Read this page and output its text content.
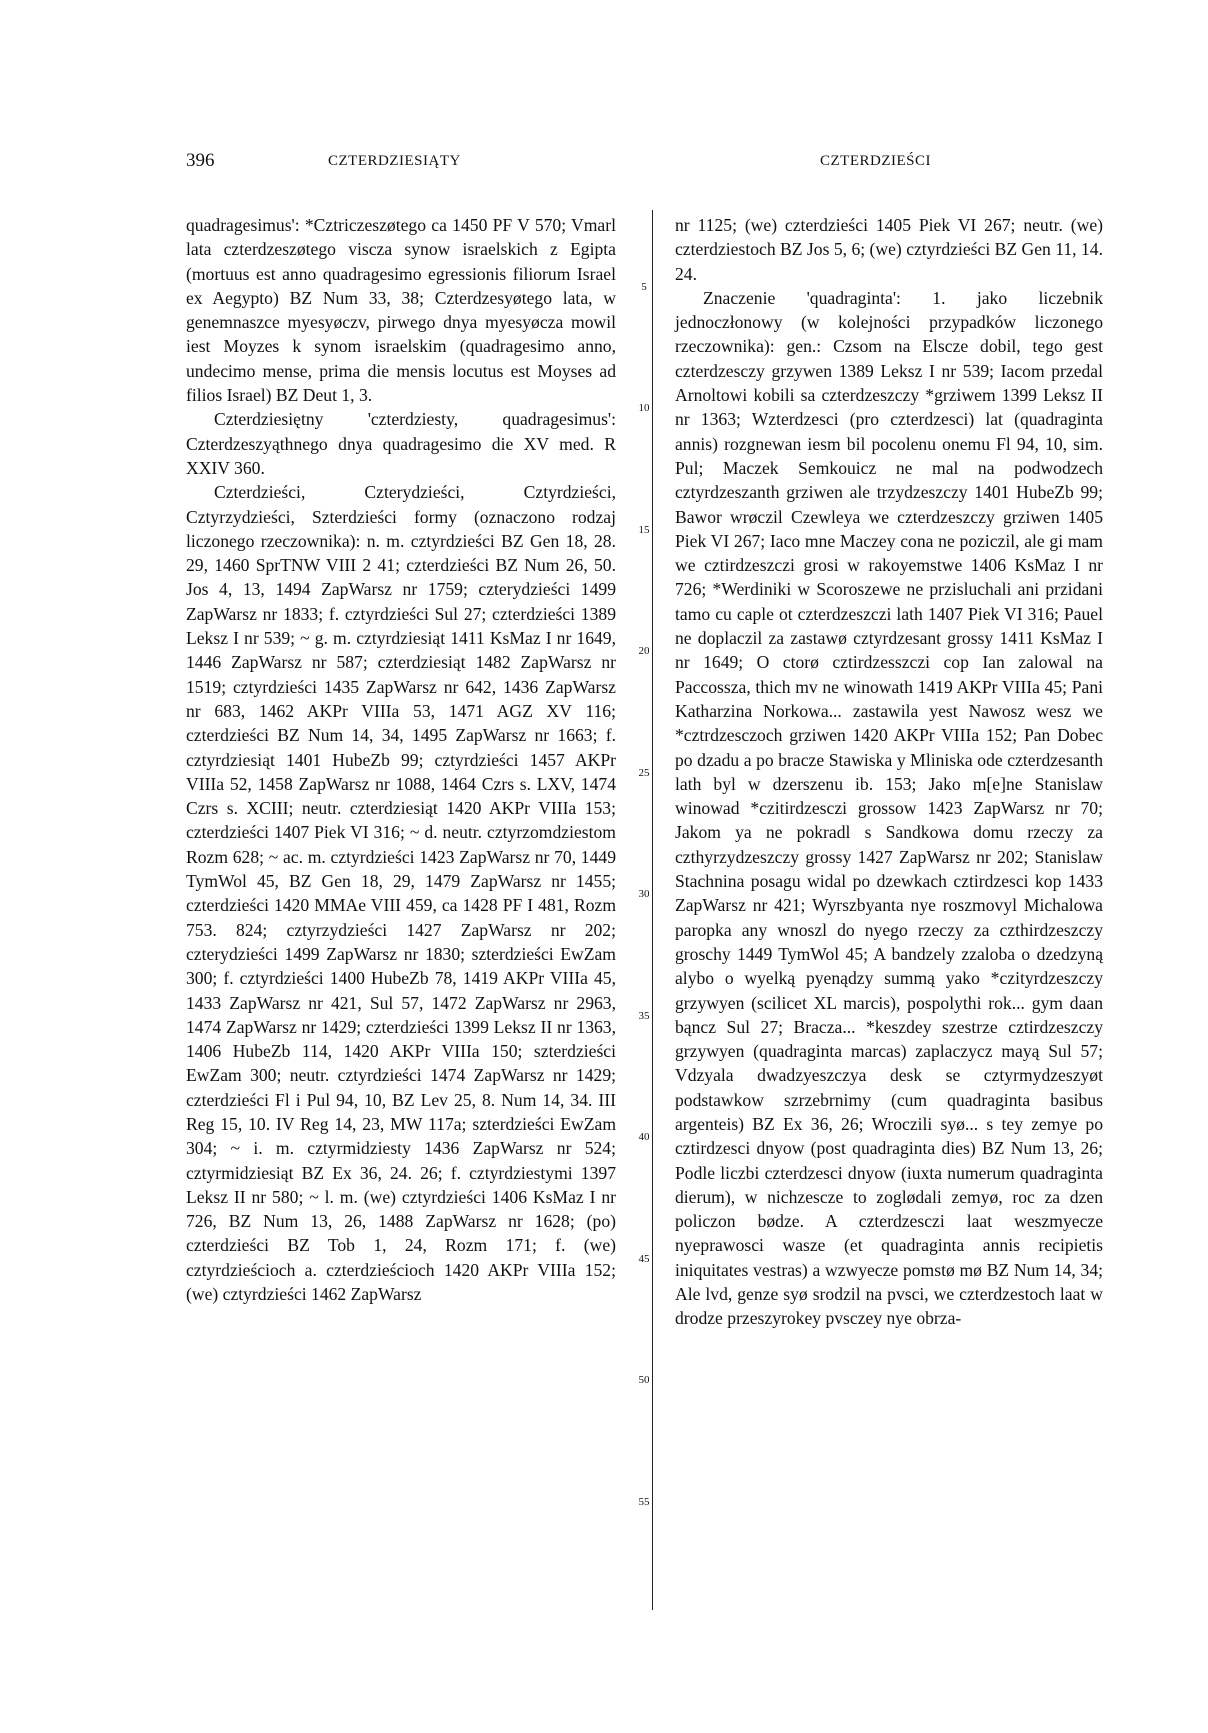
396	CZTERDZIESIĄTY	CZTERDZIEŚCI

quadragesimus': *Cztriczeszøtego ca 1450 PF V 570; Vmarl lata czterdzeszøtego viscza synow israelskich z Egipta (mortuus est anno quadragesimo egressionis filiorum Israel ex Aegypto) BZ Num 33, 38; Czterdzesyøtego lata, w genemnaszce myesyøczv, pirwego dnya myesyøcza mowil iest Moyzes k synom israelskim (quadragesimo anno, undecimo mense, prima die mensis locutus est Moyses ad filios Israel) BZ Deut 1, 3.

Czterdziesiętny 'czterdziesty, quadragesimus': Czterdzeszyąthnego dnya quadragesimo die XV med. R XXIV 360.

Czterdzieści, Czterydzieści, Cztyrdzieści, Cztyrzydzieści, Szterdzieści formy (oznaczono rodzaj liczonego rzeczownika): n. m. cztyrdzieści BZ Gen 18, 28. 29, 1460 SprTNW VIII 2 41; czterdzieści BZ Num 26, 50. Jos 4, 13, 1494 ZapWarsz nr 1759; czterydzieści 1499 ZapWarsz nr 1833; f. cztyrdzieści Sul 27; czterdzieści 1389 Leksz I nr 539; ~ g. m. cztyrdziesiąt 1411 KsMaz I nr 1649, 1446 ZapWarsz nr 587; czterdziesiąt 1482 ZapWarsz nr 1519; cztyrdzieści 1435 ZapWarsz nr 642, 1436 ZapWarsz nr 683, 1462 AKPr VIIIa 53, 1471 AGZ XV 116; czterdzieści BZ Num 14, 34, 1495 ZapWarsz nr 1663; f. cztyrdziesiąt 1401 HubeZb 99; cztyrdzieści 1457 AKPr VIIIa 52, 1458 ZapWarsz nr 1088, 1464 Czrs s. LXV, 1474 Czrs s. XCIII; neutr. czterdziesiąt 1420 AKPr VIIIa 153; czterdzieści 1407 Piek VI 316; ~ d. neutr. cztyrzomdziestom Rozm 628; ~ ac. m. cztyrdzieści 1423 ZapWarsz nr 70, 1449 TymWol 45, BZ Gen 18, 29, 1479 ZapWarsz nr 1455; czterdzieści 1420 MMAe VIII 459, ca 1428 PF I 481, Rozm 753. 824; cztyrzydzieści 1427 ZapWarsz nr 202; czterydzieści 1499 ZapWarsz nr 1830; szterdzieści EwZam 300; f. cztyrdzieści 1400 HubeZb 78, 1419 AKPr VIIIa 45, 1433 ZapWarsz nr 421, Sul 57, 1472 ZapWarsz nr 2963, 1474 ZapWarsz nr 1429; czterdzieści 1399 Leksz II nr 1363, 1406 HubeZb 114, 1420 AKPr VIIIa 150; szterdzieści EwZam 300; neutr. cztyrdzieści 1474 ZapWarsz nr 1429; czterdzieści Fl i Pul 94, 10, BZ Lev 25, 8. Num 14, 34. III Reg 15, 10. IV Reg 14, 23, MW 117a; szterdzieści EwZam 304; ~ i. m. cztyrmidziesty 1436 ZapWarsz nr 524; cztyrmidziesiąt BZ Ex 36, 24. 26; f. cztyrdziestymi 1397 Leksz II nr 580; ~ l. m. (we) cztyrdzieści 1406 KsMaz I nr 726, BZ Num 13, 26, 1488 ZapWarsz nr 1628; (po) czterdzieści BZ Tob 1, 24, Rozm 171; f. (we) cztyrdzieścioch a. czterdzieścioch 1420 AKPr VIIIa 152; (we) cztyrdzieści 1462 ZapWarsz

5
10
15
20
25
30
35
40
45
50
55

nr 1125; (we) czterdzieści 1405 Piek VI 267; neutr. (we) czterdziestoch BZ Jos 5, 6; (we) cztyrdzieści BZ Gen 11, 14. 24.

Znaczenie 'quadraginta': 1. jako liczebnik jednoczłonowy (w kolejności przypadków liczonego rzeczownika): gen.: Czsom na Elscze dobil, tego gest czterdzesczy grzywen 1389 Leksz I nr 539; Iacom przedal Arnoltowi kobili sa czterdzeszczy *grziwem 1399 Leksz II nr 1363; Wzterdzesci (pro czterdzesci) lat (quadraginta annis) rozgnewan iesm bil pocolenu onemu Fl 94, 10, sim. Pul; Maczek Semkouicz ne mal na podwodzech cztyrdzeszanth grziwen ale trzydzeszczy 1401 HubeZb 99; Bawor wrøczil Czewleya we czterdzeszczy grziwen 1405 Piek VI 267; Iaco mne Maczey cona ne poziczil, ale gi mam we cztirdzeszczi grosi w rakoyemstwe 1406 KsMaz I nr 726; *Werdiniki w Scoroszewe ne przisluchali ani przidani tamo cu caple ot czterdzeszczi lath 1407 Piek VI 316; Pauel ne doplaczil za zastawø cztyrdzesant grossy 1411 KsMaz I nr 1649; O ctorø cztirdzesszczi cop Ian zalowal na Paccossza, thich mv ne winowath 1419 AKPr VIIIa 45; Pani Katharzina Norkowa... zastawila yest Nawosz wesz we *cztrdzesczoch grziwen 1420 AKPr VIIIa 152; Pan Dobec po dzadu a po bracze Stawiska y Mliniska ode czterdzesanth lath byl w dzerszenu ib. 153; Jako m[e]ne Stanislaw winowad *czitirdzesczi grossow 1423 ZapWarsz nr 70; Jakom ya ne pokradl s Sandkowa domu rzeczy za czthyrzydzeszczy grossy 1427 ZapWarsz nr 202; Stanislaw Stachnina posagu widal po dzewkach cztirdzesci kop 1433 ZapWarsz nr 421; Wyrszbyanta nye roszmovyl Michalowa paropka any wnoszl do nyego rzeczy za czthirdzeszczy groschy 1449 TymWol 45; A bandzely zzaloba o dzedzyną alybo o wyelką pyenądzy summą yako *czityrdzeszczy grzywyen (scilicet XL marcis), pospolythi rok... gym daan bąncz Sul 27; Bracza... *keszdey szestrze cztirdzeszczy grzywyen (quadraginta marcas) zaplaczycz mayą Sul 57; Vdzyala dwadzyeszczya desk se cztyrmydzeszyøt podstawkow szrzebrnimy (cum quadraginta basibus argenteis) BZ Ex 36, 26; Wroczili syø... s tey zemye po cztirdzesci dnyow (post quadraginta dies) BZ Num 13, 26; Podle liczbi czterdzesci dnyow (iuxta numerum quadraginta dierum), w nichzescze to zoglødali zemyø, roc za dzen policzon bødze. A czterdzesczi laat weszmyecze nyeprawosci wasze (et quadraginta annis recipietis iniquitates vestras) a wzwyecze pomstø mø BZ Num 14, 34; Ale lvd, genze syø srodzil na pvsci, we czterdzestoch laat w drodze przeszyrokey pvsczey nye obrza-
